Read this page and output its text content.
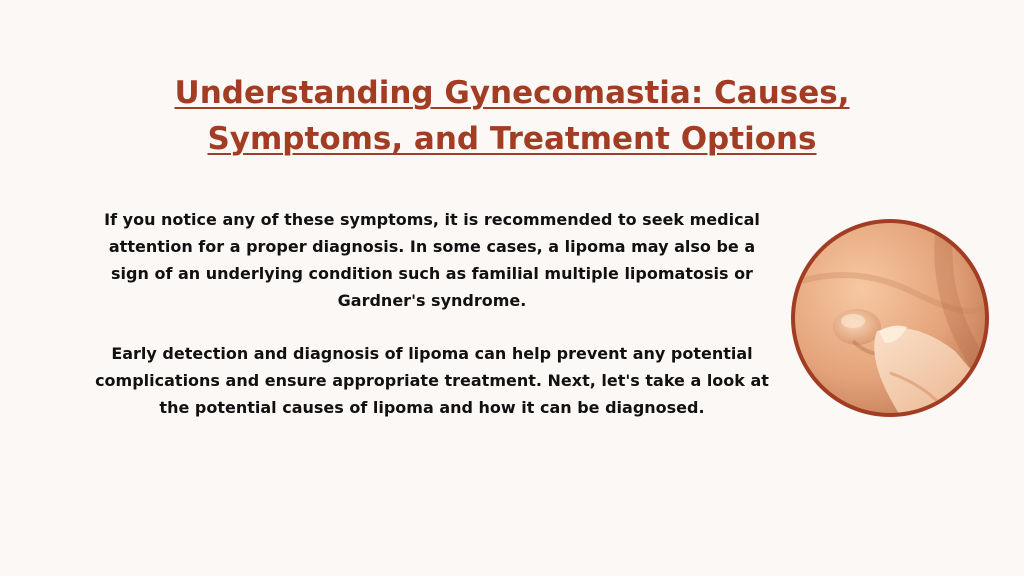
Understanding Gynecomastia: Causes, Symptoms, and Treatment Options

If you notice any of these symptoms, it is recommended to seek medical attention for a proper diagnosis. In some cases, a lipoma may also be a sign of an underlying condition such as familial multiple lipomatosis or Gardner's syndrome.

Early detection and diagnosis of lipoma can help prevent any potential complications and ensure appropriate treatment. Next, let's take a look at the potential causes of lipoma and how it can be diagnosed.
